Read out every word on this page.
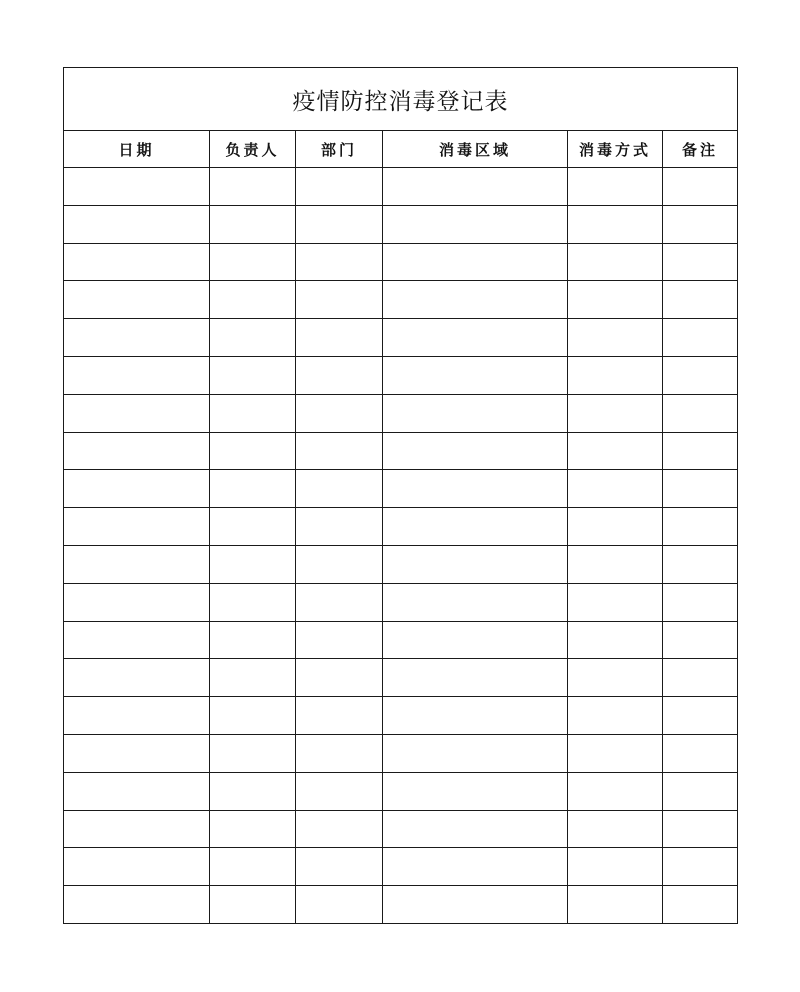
疫情防控消毒登记表					
日期	负责人	部门	消毒区域	消毒方式	备注
